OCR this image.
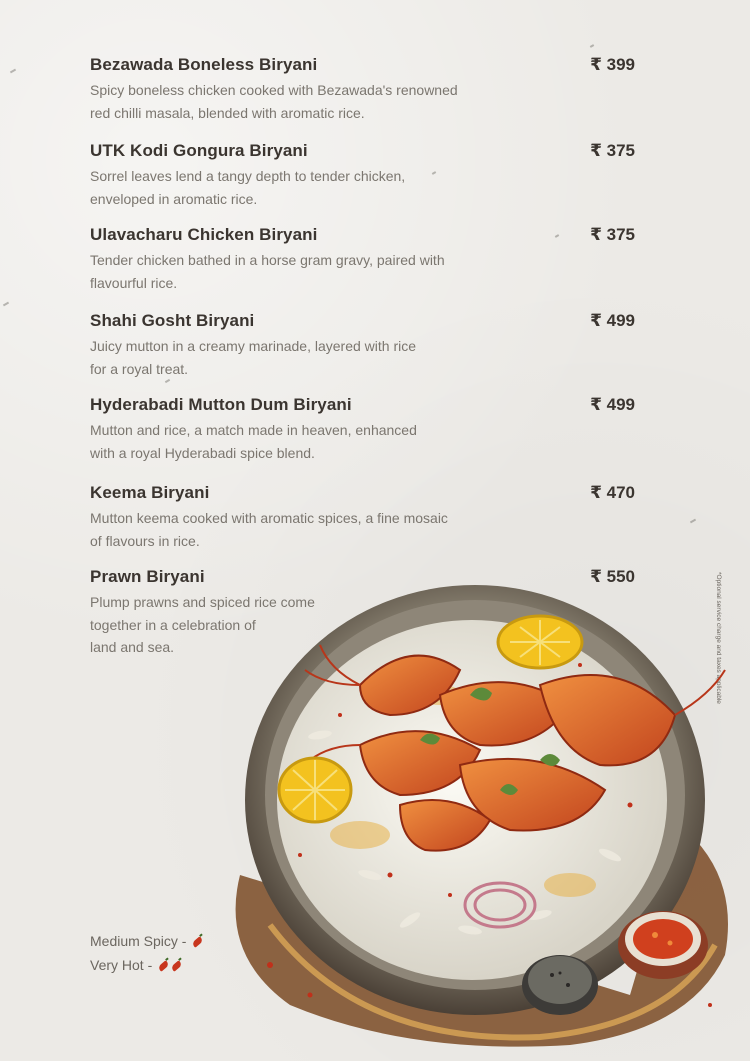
Bezawada Boneless Biryani	₹ 399
Spicy boneless chicken cooked with Bezawada's renowned
red chilli masala, blended with aromatic rice.
UTK Kodi Gongura Biryani	₹ 375
Sorrel leaves lend a tangy depth to tender chicken,
enveloped in aromatic rice.
Ulavacharu Chicken Biryani	₹ 375
Tender chicken bathed in a horse gram gravy, paired with
flavourful rice.
Shahi Gosht Biryani	₹ 499
Juicy mutton in a creamy marinade, layered with rice
for a royal treat.
Hyderabadi Mutton Dum Biryani	₹ 499
Mutton and rice, a match made in heaven, enhanced
with a royal Hyderabadi spice blend.
Keema Biryani	₹ 470
Mutton keema cooked with aromatic spices, a fine mosaic
of flavours in rice.
Prawn Biryani	₹ 550
Plump prawns and spiced rice come
together in a celebration of
land and sea.	*Optional service charge and taxes applicable
Medium Spicy -
Very Hot -
